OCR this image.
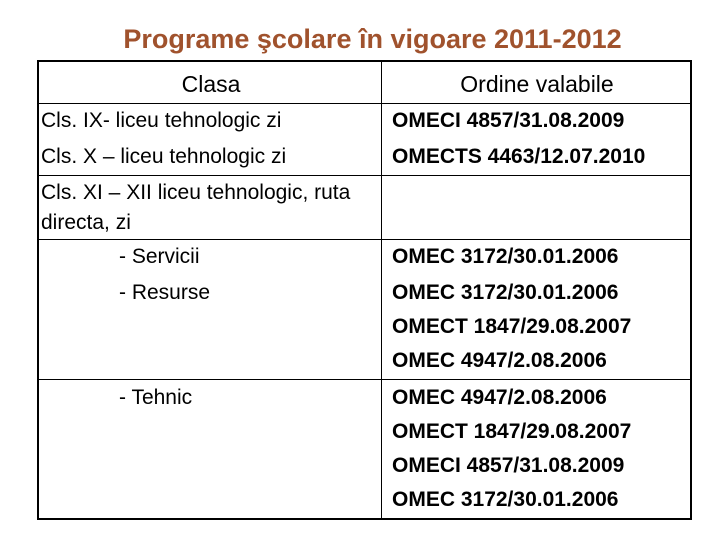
Programe şcolare în vigoare 2011-2012
Clasa	Ordine valabile
Cls. IX- liceu tehnologic zi	OMECI 4857/31.08.2009
Cls. X – liceu tehnologic zi	OMECTS 4463/12.07.2010
Cls. XI – XII liceu tehnologic, ruta directa, zi	
- Servicii	OMEC 3172/30.01.2006
- Resurse	OMEC 3172/30.01.2006
OMECT 1847/29.08.2007
OMEC 4947/2.08.2006

- Tehnic	OMEC 4947/2.08.2006
OMECT 1847/29.08.2007
OMECI 4857/31.08.2009
OMEC 3172/30.01.2006
